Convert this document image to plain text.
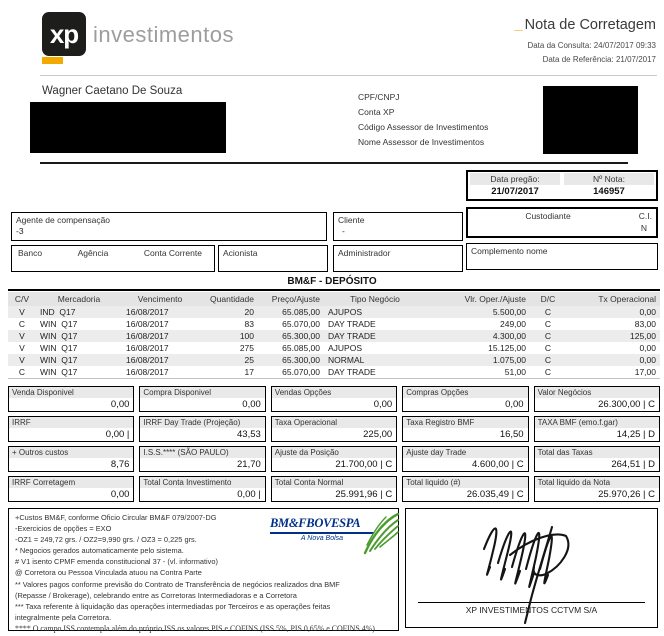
xp investimentos	_ Nota de Corretagem
Data da Consulta: 24/07/2017 09:33
Data de Referência: 21/07/2017
Wagner Caetano De Souza	CPF/CNPJ
Conta XP
Código Assessor de Investimentos
Nome Assessor de Investimentos
Data pregão:
21/07/2017
Nº Nota:
146957
Agente de compensação
-3
Cliente
-
Custodiante	C.I.
N
Banco	Agência	Conta Corrente	Acionista	Administrador	Complemento nome
BM&F - DEPÓSITO
C/V	Mercadoria	Vencimento	Quantidade	Preço/Ajuste	Tipo Negócio	Vlr. Oper./Ajuste	D/C	Tx Operacional
V	IND  Q17	16/08/2017	20	65.085,00	AJUPOS	5.500,00	C	0,00
C	WIN  Q17	16/08/2017	83	65.070,00	DAY TRADE	249,00	C	83,00
V	WIN  Q17	16/08/2017	100	65.300,00	DAY TRADE	4.300,00	C	125,00
V	WIN  Q17	16/08/2017	275	65.085,00	AJUPOS	15.125,00	C	0,00
V	WIN  Q17	16/08/2017	25	65.300,00	NORMAL	1.075,00	C	0,00
C	WIN  Q17	16/08/2017	17	65.070,00	DAY TRADE	51,00	C	17,00
Venda Disponivel
0,00
Compra Disponivel
0,00
Vendas Opções
0,00
Compras Opções
0,00
Valor Negócios
26.300,00 | C
IRRF
0,00 |
IRRF Day Trade (Projeção)
43,53
Taxa Operacional
225,00
Taxa Registro BMF
16,50
TAXA BMF (emo.f.gar)
14,25 | D
+ Outros custos
8,76
I.S.S.**** (SÃO PAULO)
21,70
Ajuste da Posição
21.700,00 | C
Ajuste day Trade
4.600,00 | C
Total das Taxas
264,51 | D
IRRF Corretagem
0,00
Total Conta Investimento
0,00 |
Total Conta Normal
25.991,96 | C
Total liquido (#)
26.035,49 | C
Total liquido da Nota
25.970,26 | C
+Custos BM&F, conforme Oficio Circular BM&F 079/2007-DG
-Exercicios de opções = EXO
-OZ1 = 249,72 grs. / OZ2=9,990 grs. / OZ3 = 0,225 grs.
* Negocios gerados automaticamente pelo sistema.
# V1 isento CPMF emenda constitucional 37 - (vl. informativo)
@ Corretora ou Pessoa Vinculada atuou na Contra Parte
** Valores pagos conforme previsão do Contrato de Transferência de negócios realizados dna BMF
(Repasse / Brokerage), celebrando entre as Corretoras Intermediadoras e a Corretora
*** Taxa referente à liquidação das operações intermediadas por Terceiros e as operações feitas
integralmente pela Corretora.
**** O campo ISS contempla além do próprio ISS os valores PIS e COFINS (ISS 5%, PIS 0,65% e COFINS 4%)
BM&FBOVESPA
A Nova Bolsa
XP INVESTIMENTOS CCTVM S/A
